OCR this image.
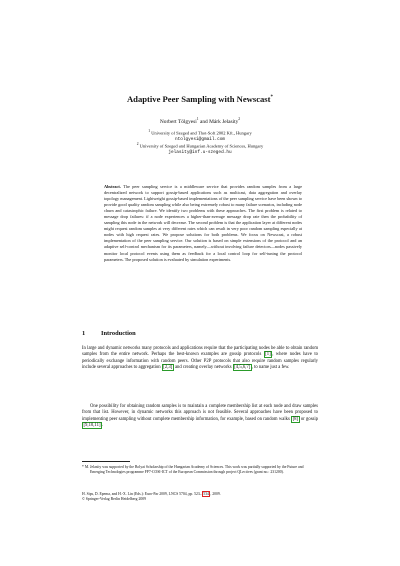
Adaptive Peer Sampling with Newscast*
Norbert Tölgyesi$^1$ and Márk Jelasity$^2$
$^1$ University of Szeged and Thot-Soft 2002 Kft., Hungary
ntolgyesi@gmail.com
$^2$ University of Szeged and Hungarian Academy of Sciences, Hungary
jelasity@inf.u-szeged.hu
Abstract. The peer sampling service is a middleware service that provides random samples from a large decentralized network to support gossip-based applications such as multicast, data aggregation and overlay topology management. Lightweight gossip-based implementations of the peer sampling service have been shown to provide good quality random sampling while also being extremely robust to many failure scenarios, including node churn and catastrophic failure. We identify two problems with these approaches. The first problem is related to message drop failures: if a node experiences a higher-than-average message drop rate then the probability of sampling this node in the network will decrease. The second problem is that the application layer at different nodes might request random samples at very different rates which can result in very poor random sampling especially at nodes with high request rates. We propose solutions for both problems. We focus on Newscast, a robust implementation of the peer sampling service. Our solution is based on simple extensions of the protocol and an adaptive self-control mechanism for its parameters, namely—without involving failure detectors—nodes passively monitor local protocol events using them as feedback for a local control loop for self-tuning the protocol parameters. The proposed solution is evaluated by simulation experiments.
1 Introduction
In large and dynamic networks many protocols and applications require that the participating nodes be able to obtain random samples from the entire network. Perhaps the best-known examples are gossip protocols [1] , where nodes have to periodically exchange information with random peers. Other P2P protocols that also require random samples regularly include several approaches to aggregation [2,3] and creating overlay networks [4,5,6,7] , to name just a few.
One possibility for obtaining random samples is to maintain a complete membership list at each node and draw samples from that list. However, in dynamic networks this approach is not feasible. Several approaches have been proposed to implementing peer sampling without complete membership information, for example, based on random walks [8] or gossip [9,10,11] .
* M. Jelasity was supported by the Bolyai Scholarship of the Hungarian Academy of Sciences. This work was partially supported by the Future and Emerging Technologies programme FP7-COSI-ICT of the European Commission through project QLectives (grant no.: 231200).
H. Sips, D. Epema, and H.-X. Lin (Eds.): Euro-Par 2009, LNCS 5704, pp. 523– 534 , 2009.
© Springer-Verlag Berlin Heidelberg 2009
